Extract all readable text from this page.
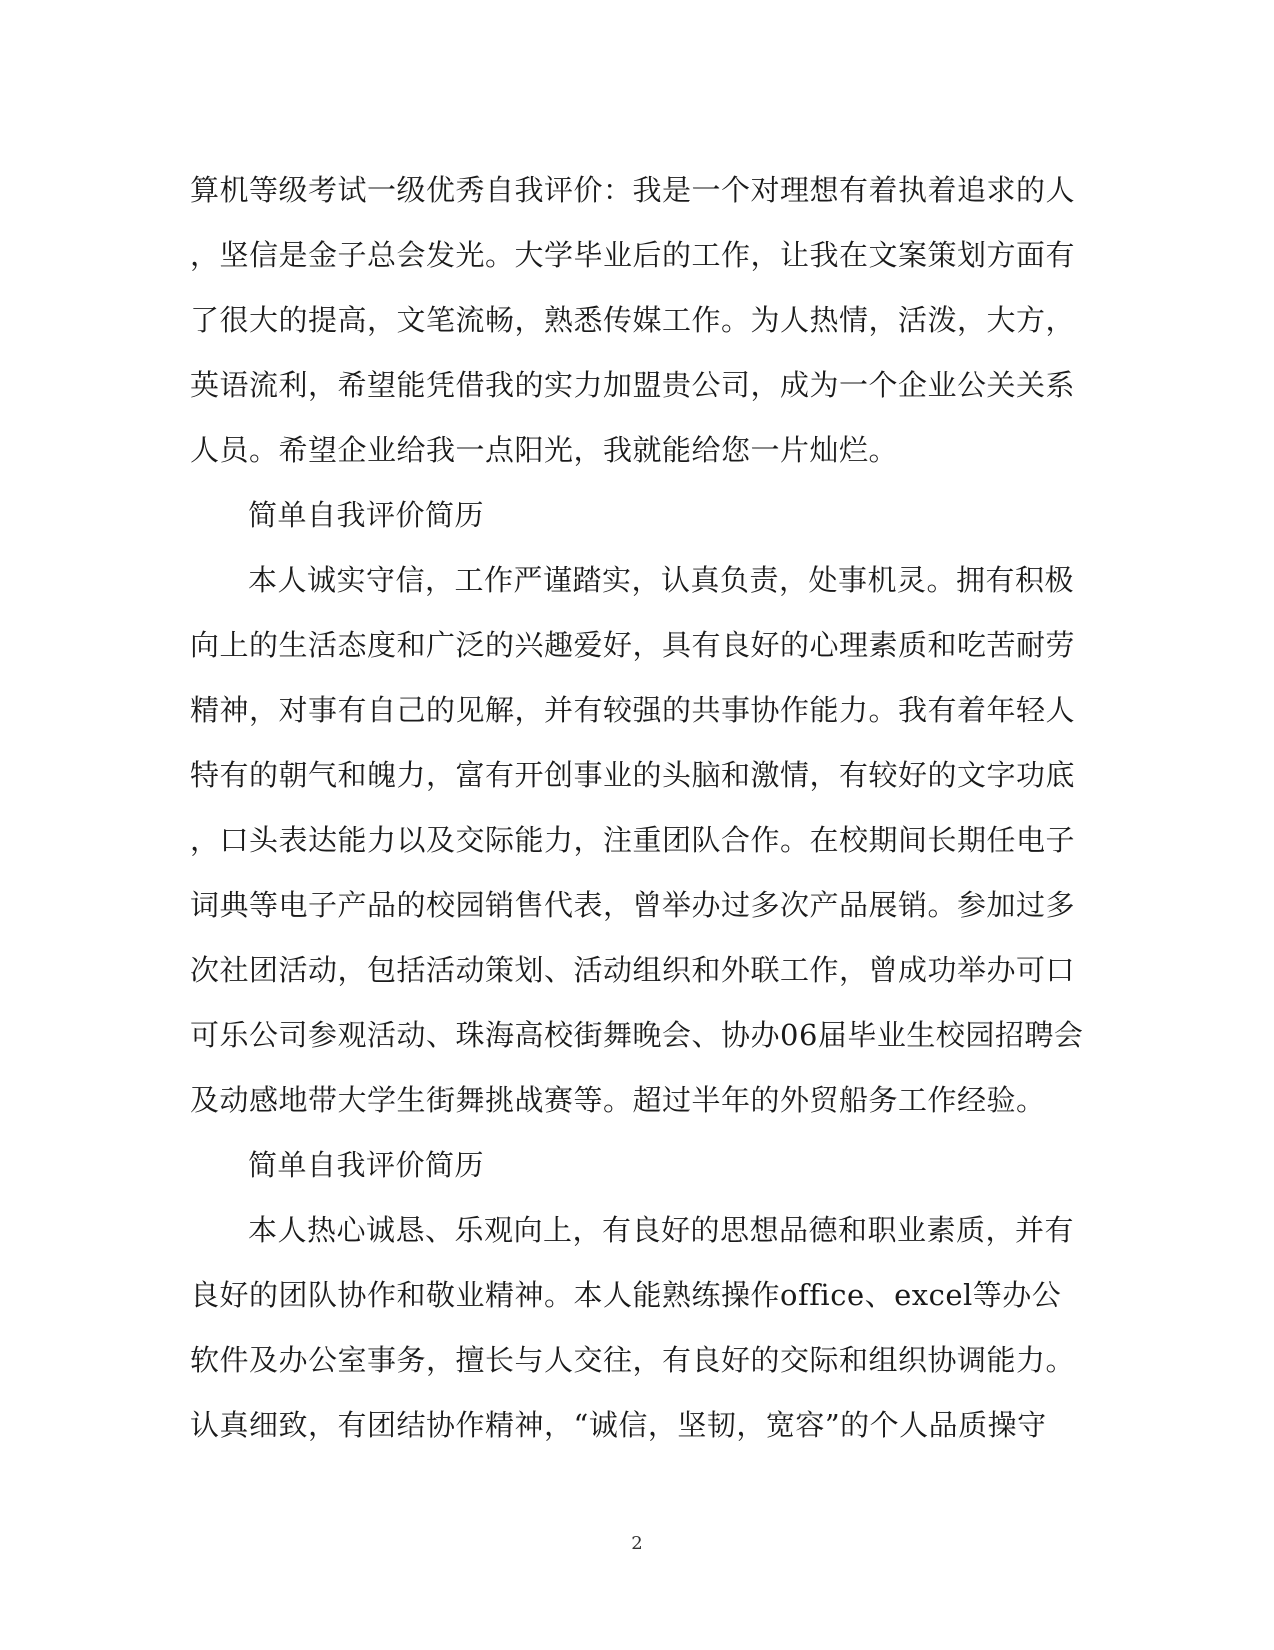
算机等级考试一级优秀自我评价：我是一个对理想有着执着追求的人
，坚信是金子总会发光。大学毕业后的工作，让我在文案策划方面有
了很大的提高，文笔流畅，熟悉传媒工作。为人热情，活泼，大方，
英语流利，希望能凭借我的实力加盟贵公司，成为一个企业公关关系
人员。希望企业给我一点阳光，我就能给您一片灿烂。
简单自我评价简历
本人诚实守信，工作严谨踏实，认真负责，处事机灵。拥有积极
向上的生活态度和广泛的兴趣爱好，具有良好的心理素质和吃苦耐劳
精神，对事有自己的见解，并有较强的共事协作能力。我有着年轻人
特有的朝气和魄力，富有开创事业的头脑和激情，有较好的文字功底
，口头表达能力以及交际能力，注重团队合作。在校期间长期任电子
词典等电子产品的校园销售代表，曾举办过多次产品展销。参加过多
次社团活动，包括活动策划、活动组织和外联工作，曾成功举办可口
可乐公司参观活动、珠海高校街舞晚会、协办06届毕业生校园招聘会
及动感地带大学生街舞挑战赛等。超过半年的外贸船务工作经验。
简单自我评价简历
本人热心诚恳、乐观向上，有良好的思想品德和职业素质，并有
良好的团队协作和敬业精神。本人能熟练操作office、excel等办公
软件及办公室事务，擅长与人交往，有良好的交际和组织协调能力。
认真细致，有团结协作精神，“诚信，坚韧，宽容”的个人品质操守
2
